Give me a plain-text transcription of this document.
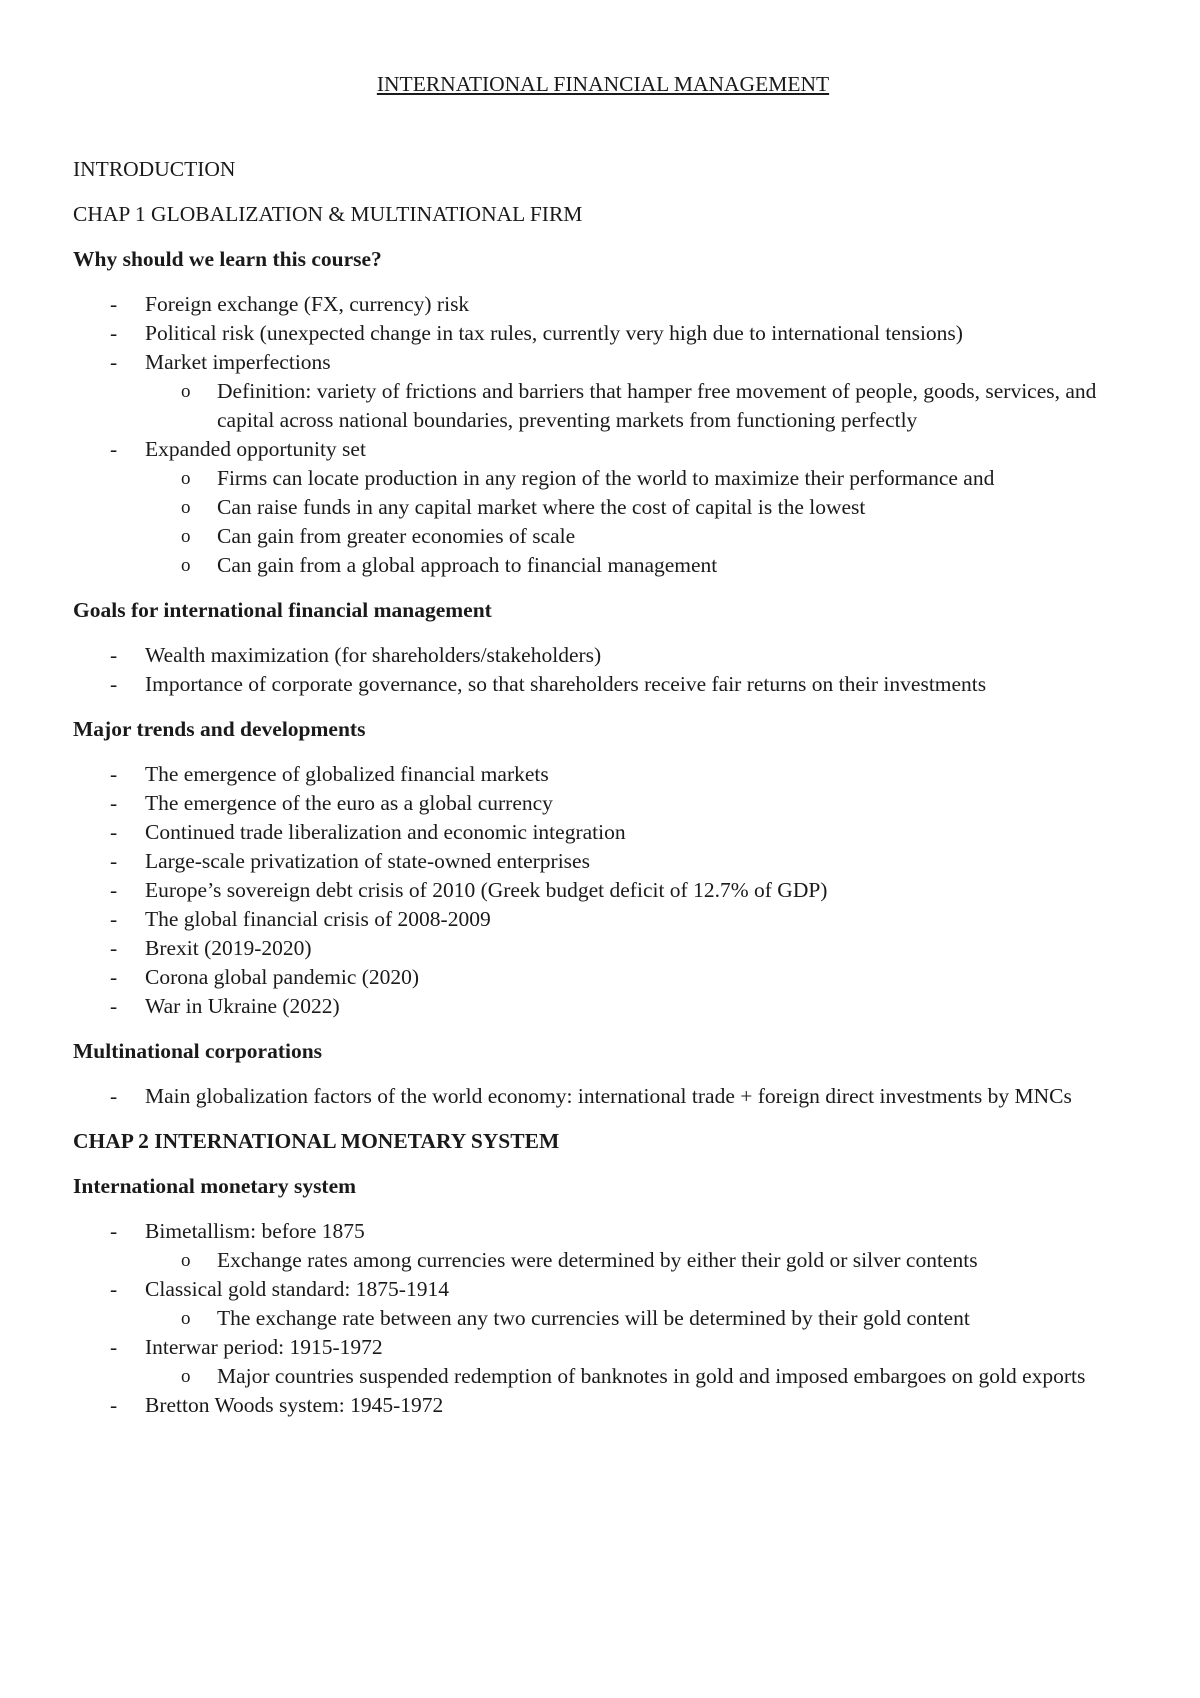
INTERNATIONAL FINANCIAL MANAGEMENT

INTRODUCTION

CHAP 1 GLOBALIZATION & MULTINATIONAL FIRM

Why should we learn this course?

- Foreign exchange (FX, currency) risk
- Political risk (unexpected change in tax rules, currently very high due to international tensions)
- Market imperfections
o Definition: variety of frictions and barriers that hamper free movement of people, goods, services, and capital across national boundaries, preventing markets from functioning perfectly
- Expanded opportunity set
o Firms can locate production in any region of the world to maximize their performance and
o Can raise funds in any capital market where the cost of capital is the lowest
o Can gain from greater economies of scale
o Can gain from a global approach to financial management

Goals for international financial management

- Wealth maximization (for shareholders/stakeholders)
- Importance of corporate governance, so that shareholders receive fair returns on their investments

Major trends and developments

- The emergence of globalized financial markets
- The emergence of the euro as a global currency
- Continued trade liberalization and economic integration
- Large-scale privatization of state-owned enterprises
- Europe’s sovereign debt crisis of 2010 (Greek budget deficit of 12.7% of GDP)
- The global financial crisis of 2008-2009
- Brexit (2019-2020)
- Corona global pandemic (2020)
- War in Ukraine (2022)

Multinational corporations

- Main globalization factors of the world economy: international trade + foreign direct investments by MNCs

CHAP 2 INTERNATIONAL MONETARY SYSTEM

International monetary system

- Bimetallism: before 1875
o Exchange rates among currencies were determined by either their gold or silver contents
- Classical gold standard: 1875-1914
o The exchange rate between any two currencies will be determined by their gold content
- Interwar period: 1915-1972
o Major countries suspended redemption of banknotes in gold and imposed embargoes on gold exports
- Bretton Woods system: 1945-1972
